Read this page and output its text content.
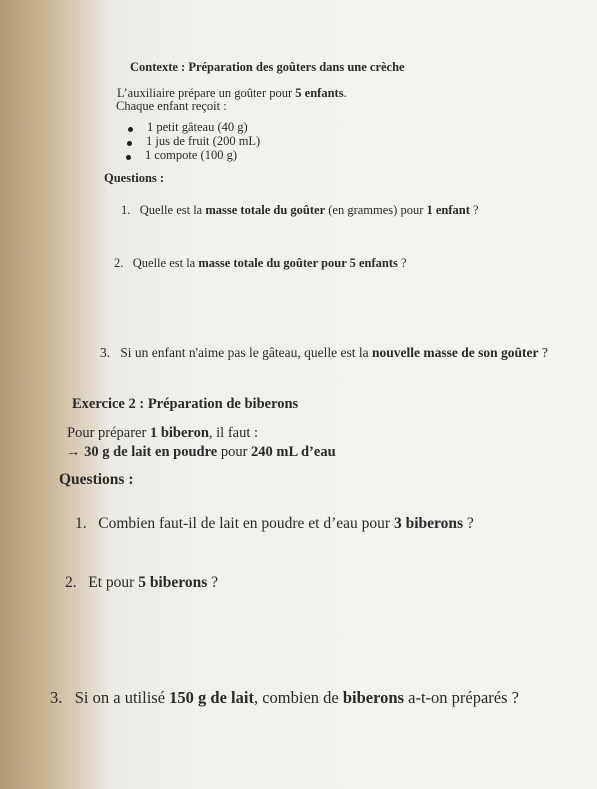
Contexte : Préparation des goûters dans une crèche
L’auxiliaire prépare un goûter pour 5 enfants.
Chaque enfant reçoit :
1 petit gâteau (40 g)
1 jus de fruit (200 mL)
1 compote (100 g)
Questions :
1. Quelle est la masse totale du goûter (en grammes) pour 1 enfant ?
2. Quelle est la masse totale du goûter pour 5 enfants ?
3. Si un enfant n'aime pas le gâteau, quelle est la nouvelle masse de son goûter ?
Exercice 2 : Préparation de biberons
Pour préparer 1 biberon, il faut :
→ 30 g de lait en poudre pour 240 mL d’eau
Questions :
1. Combien faut-il de lait en poudre et d’eau pour 3 biberons ?
2. Et pour 5 biberons ?
3. Si on a utilisé 150 g de lait, combien de biberons a-t-on préparés ?
